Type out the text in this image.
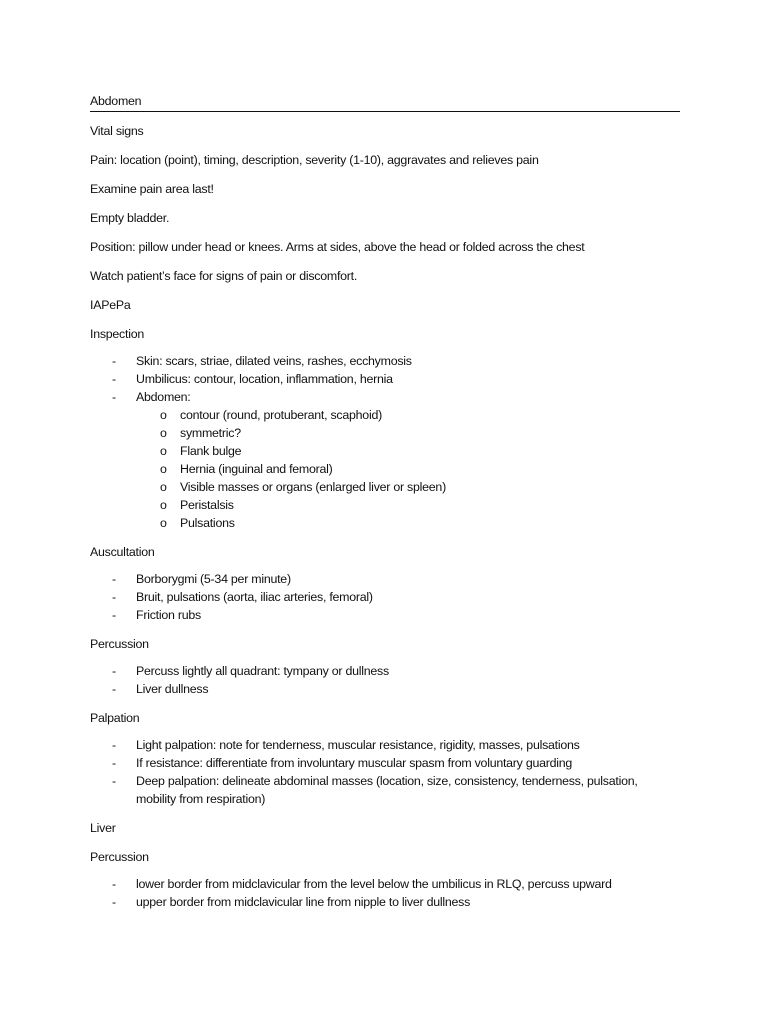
Abdomen
Vital signs
Pain: location (point), timing, description, severity (1-10), aggravates and relieves pain
Examine pain area last!
Empty bladder.
Position: pillow under head or knees. Arms at sides, above the head or folded across the chest
Watch patient’s face for signs of pain or discomfort.
IAPePa
Inspection
- Skin: scars, striae, dilated veins, rashes, ecchymosis
- Umbilicus: contour, location, inflammation, hernia
- Abdomen:
o contour (round, protuberant, scaphoid)
o symmetric?
o Flank bulge
o Hernia (inguinal and femoral)
o Visible masses or organs (enlarged liver or spleen)
o Peristalsis
o Pulsations
Auscultation
- Borborygmi (5-34 per minute)
- Bruit, pulsations (aorta, iliac arteries, femoral)
- Friction rubs
Percussion
- Percuss lightly all quadrant: tympany or dullness
- Liver dullness
Palpation
- Light palpation: note for tenderness, muscular resistance, rigidity, masses, pulsations
- If resistance: differentiate from involuntary muscular spasm from voluntary guarding
- Deep palpation: delineate abdominal masses (location, size, consistency, tenderness, pulsation, mobility from respiration)
Liver
Percussion
- lower border from midclavicular from the level below the umbilicus in RLQ, percuss upward
- upper border from midclavicular line from nipple to liver dullness
